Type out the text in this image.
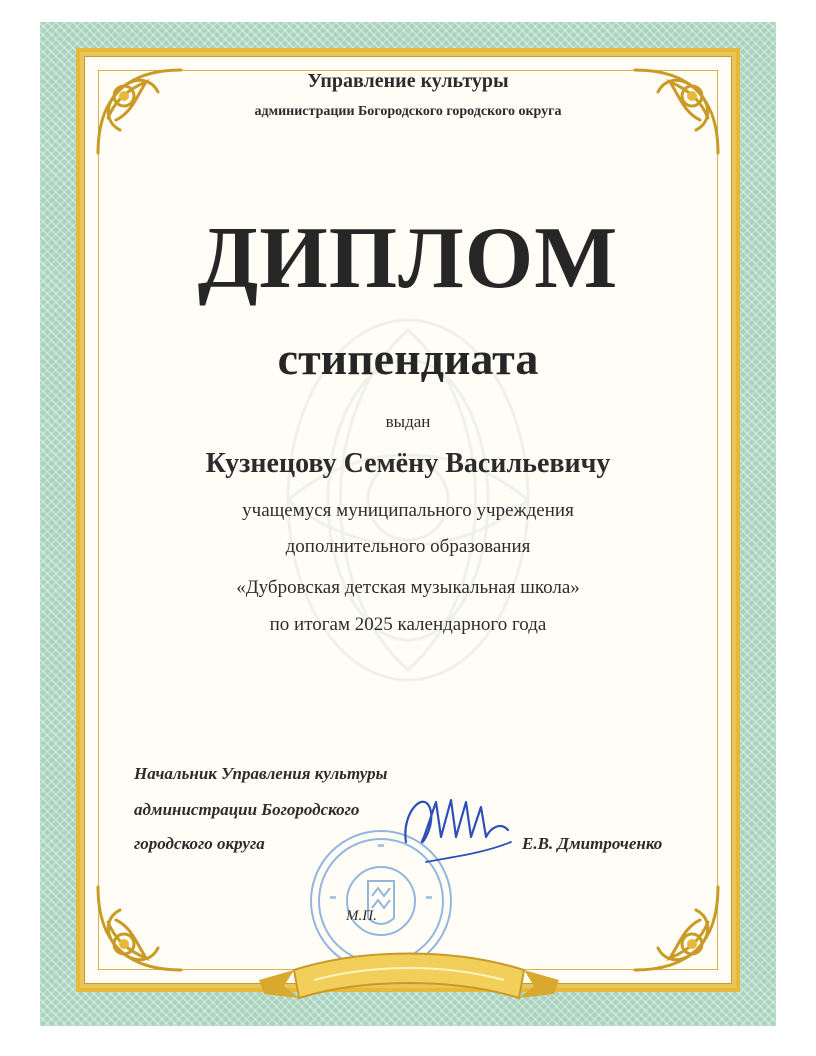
Управление культуры
администрации Богородского городского округа
ДИПЛОМ
стипендиата
выдан
Кузнецову Семёну Васильевичу
учащемуся муниципального учреждения
дополнительного образования
«Дубровская детская музыкальная школа»
по итогам 2025 календарного года
Начальник Управления культуры
администрации Богородского
городского округа	Е.В. Дмитроченко
М.П.
